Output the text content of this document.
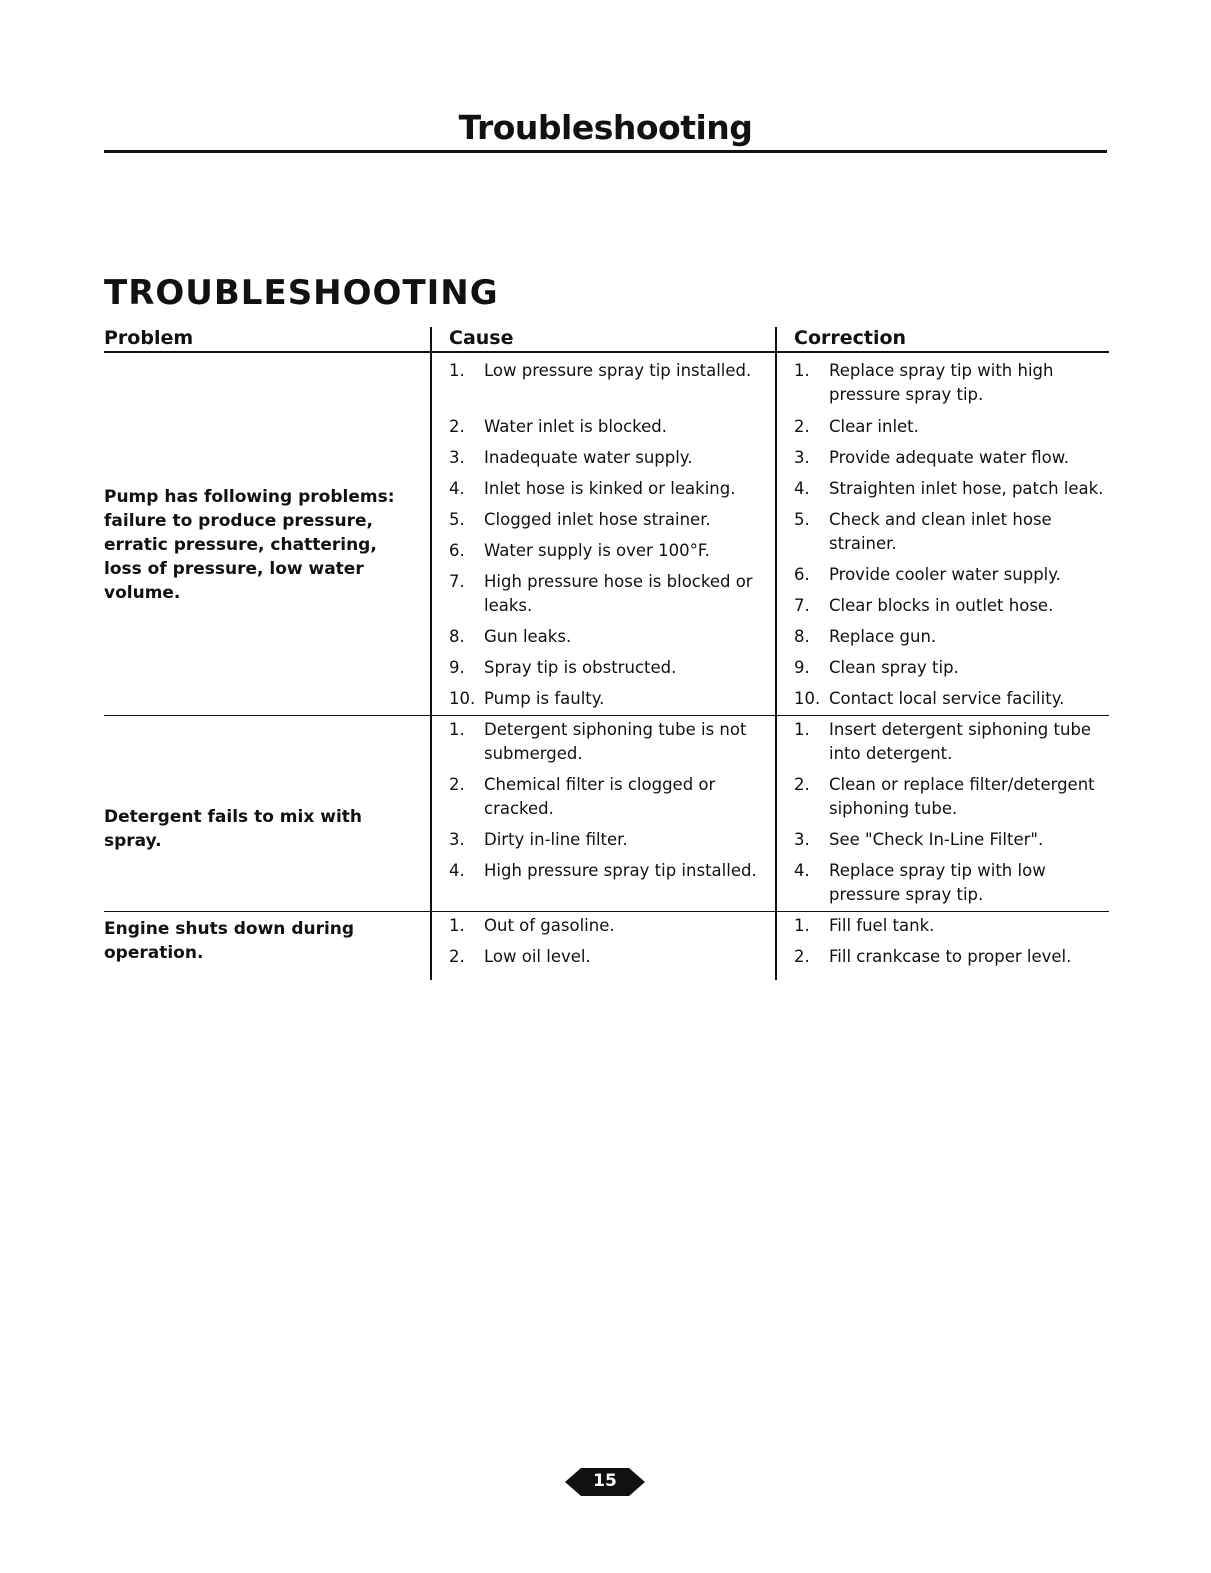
Troubleshooting
TROUBLESHOOTING
Problem	Cause	Correction
Pump has following problems: failure to produce pressure, erratic pressure, chattering, loss of pressure, low water volume.
Detergent fails to mix with spray.
Engine shuts down during operation.
1. Low pressure spray tip installed.
2. Water inlet is blocked.
3. Inadequate water supply.
4. Inlet hose is kinked or leaking.
5. Clogged inlet hose strainer.
6. Water supply is over 100°F.
7. High pressure hose is blocked or leaks.
8. Gun leaks.
9. Spray tip is obstructed.
10. Pump is faulty.
1. Replace spray tip with high pressure spray tip.
2. Clear inlet.
3. Provide adequate water flow.
4. Straighten inlet hose, patch leak.
5. Check and clean inlet hose strainer.
6. Provide cooler water supply.
7. Clear blocks in outlet hose.
8. Replace gun.
9. Clean spray tip.
10. Contact local service facility.
1. Detergent siphoning tube is not submerged.
2. Chemical filter is clogged or cracked.
3. Dirty in-line filter.
4. High pressure spray tip installed.
1. Insert detergent siphoning tube into detergent.
2. Clean or replace filter/detergent siphoning tube.
3. See "Check In-Line Filter".
4. Replace spray tip with low pressure spray tip.
1. Out of gasoline.
2. Low oil level.
1. Fill fuel tank.
2. Fill crankcase to proper level.
15
